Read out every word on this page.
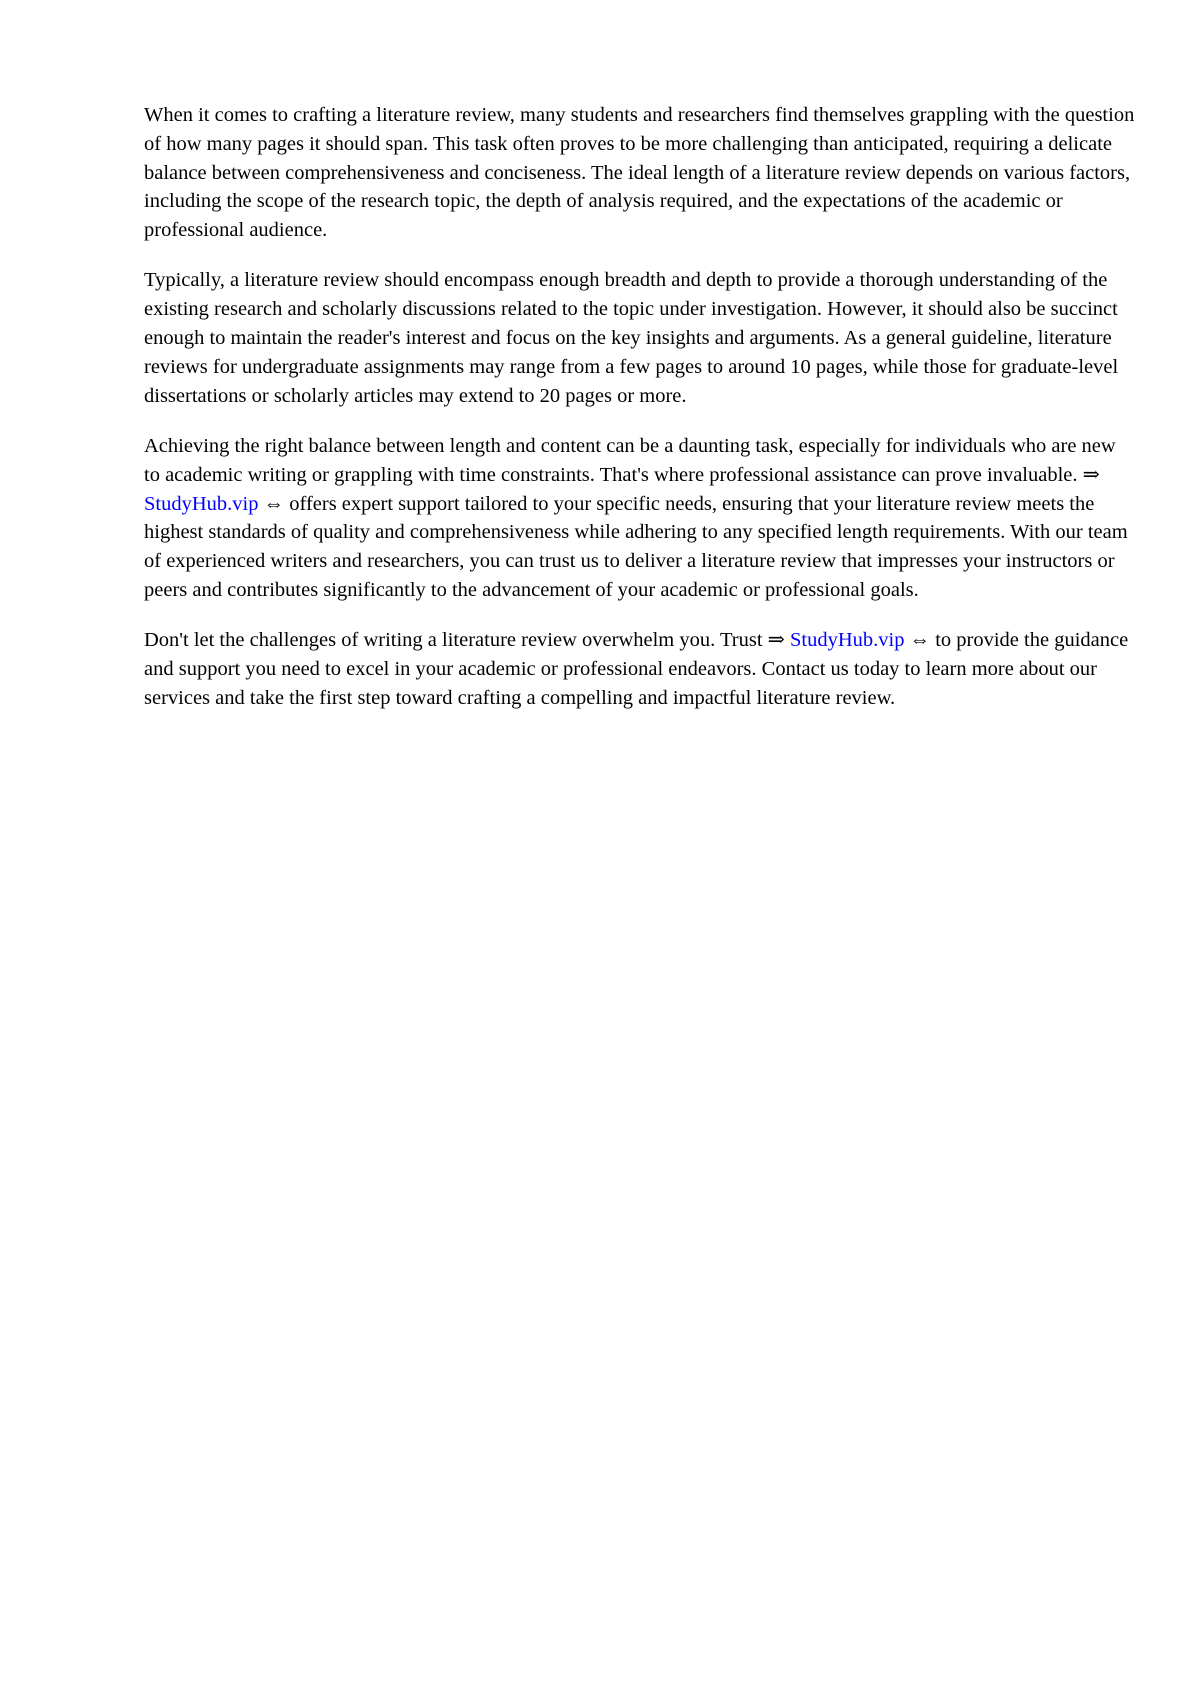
When it comes to crafting a literature review, many students and researchers find themselves grappling with the question of how many pages it should span. This task often proves to be more challenging than anticipated, requiring a delicate balance between comprehensiveness and conciseness. The ideal length of a literature review depends on various factors, including the scope of the research topic, the depth of analysis required, and the expectations of the academic or professional audience.

Typically, a literature review should encompass enough breadth and depth to provide a thorough understanding of the existing research and scholarly discussions related to the topic under investigation. However, it should also be succinct enough to maintain the reader's interest and focus on the key insights and arguments. As a general guideline, literature reviews for undergraduate assignments may range from a few pages to around 10 pages, while those for graduate-level dissertations or scholarly articles may extend to 20 pages or more.

Achieving the right balance between length and content can be a daunting task, especially for individuals who are new to academic writing or grappling with time constraints. That's where professional assistance can prove invaluable. ⇒ StudyHub.vip ⇔ offers expert support tailored to your specific needs, ensuring that your literature review meets the highest standards of quality and comprehensiveness while adhering to any specified length requirements. With our team of experienced writers and researchers, you can trust us to deliver a literature review that impresses your instructors or peers and contributes significantly to the advancement of your academic or professional goals.

Don't let the challenges of writing a literature review overwhelm you. Trust ⇒ StudyHub.vip ⇔ to provide the guidance and support you need to excel in your academic or professional endeavors. Contact us today to learn more about our services and take the first step toward crafting a compelling and impactful literature review.
